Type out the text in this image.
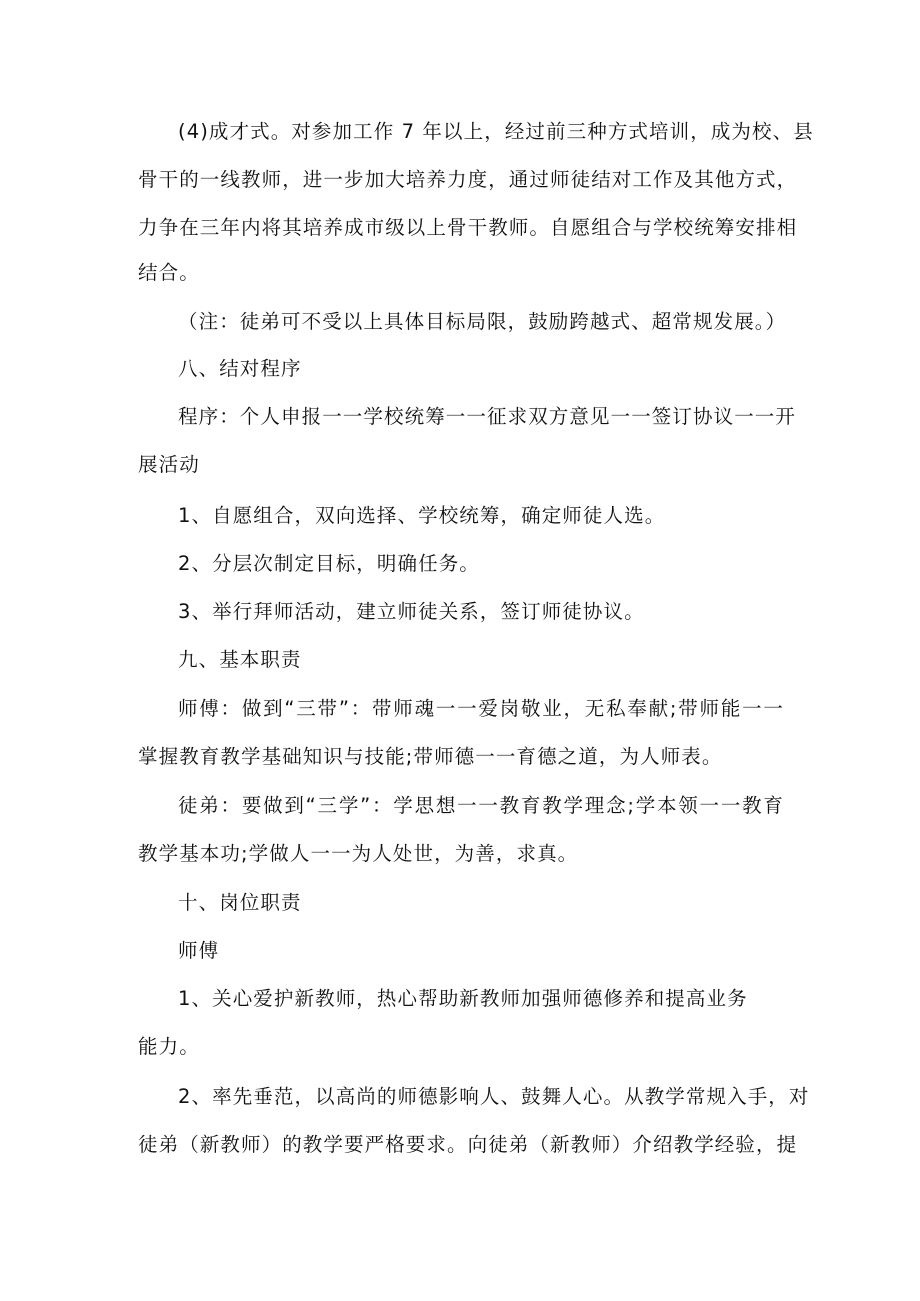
(4)成才式。对参加工作 7 年以上，经过前三种方式培训，成为校、县
骨干的一线教师，进一步加大培养力度，通过师徒结对工作及其他方式，
力争在三年内将其培养成市级以上骨干教师。自愿组合与学校统筹安排相
结合。
（注：徒弟可不受以上具体目标局限，鼓励跨越式、超常规发展。）
八、结对程序
程序：个人申报一一学校统筹一一征求双方意见一一签订协议一一开
展活动
1、自愿组合，双向选择、学校统筹，确定师徒人选。
2、分层次制定目标，明确任务。
3、举行拜师活动，建立师徒关系，签订师徒协议。
九、基本职责
师傅：做到“三带”：带师魂一一爱岗敬业，无私奉献;带师能一一
掌握教育教学基础知识与技能;带师德一一育德之道，为人师表。
徒弟：要做到“三学”：学思想一一教育教学理念;学本领一一教育
教学基本功;学做人一一为人处世，为善，求真。
十、岗位职责
师傅
1、关心爱护新教师，热心帮助新教师加强师德修养和提高业务
能力。
2、率先垂范，以高尚的师德影响人、鼓舞人心。从教学常规入手，对
徒弟（新教师）的教学要严格要求。向徒弟（新教师）介绍教学经验，提
